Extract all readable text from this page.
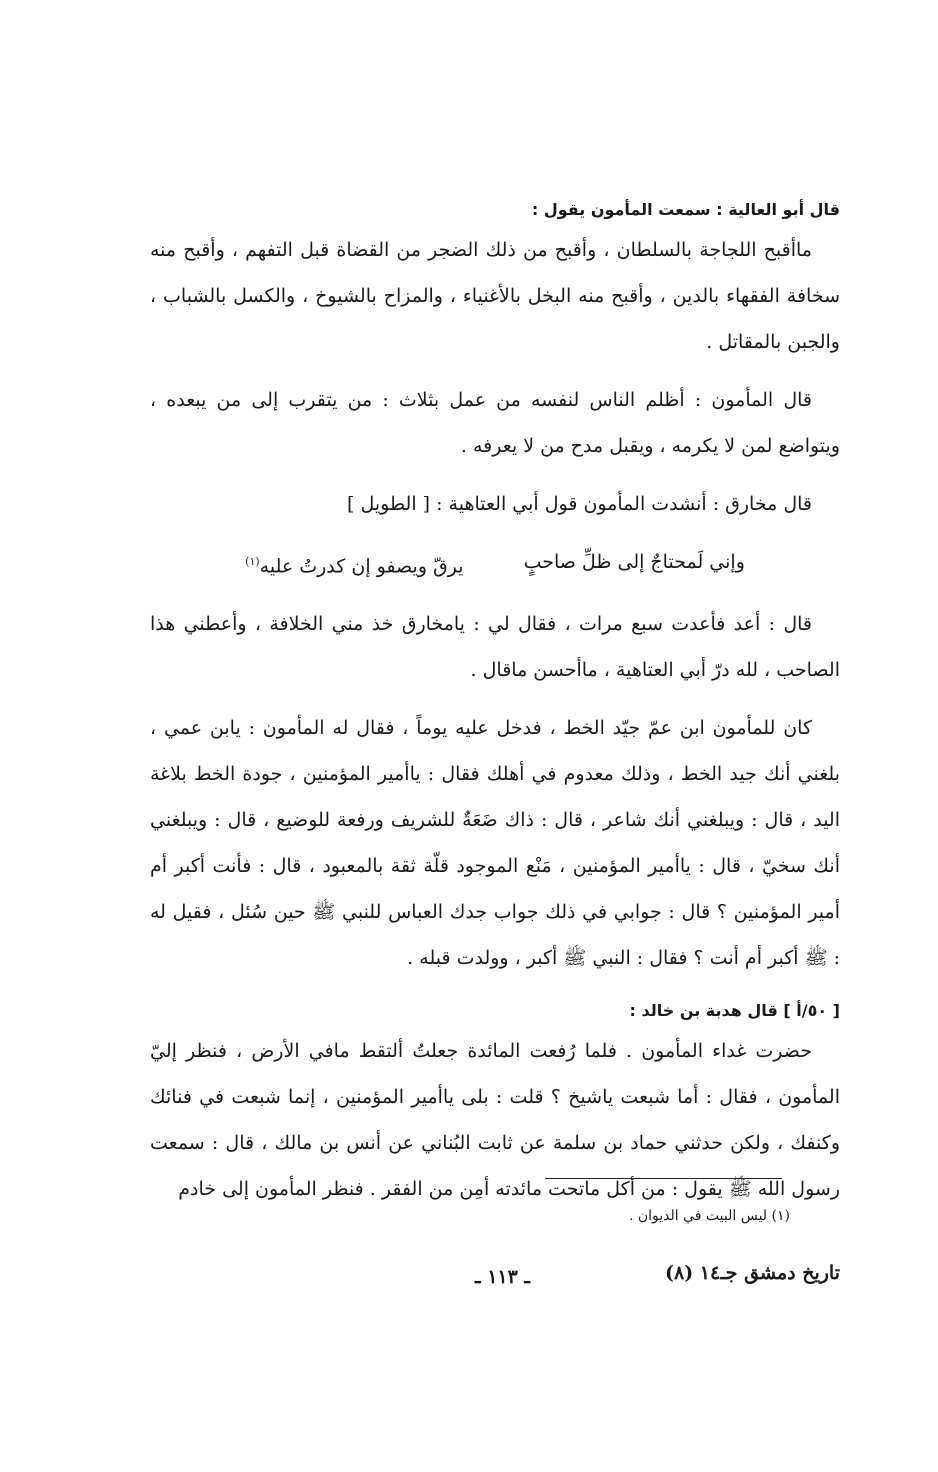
قال أبو العالية : سمعت المأمون يقول :

ماأقبح اللجاجة بالسلطان ، وأقبح من ذلك الضجر من القضاة قبل التفهم ، وأقبح منه سخافة الفقهاء بالدين ، وأقبح منه البخل بالأغنياء ، والمزاح بالشيوخ ، والكسل بالشباب ، والجبن بالمقاتل .

قال المأمون : أظلم الناس لنفسه من عمل بثلاث : من يتقرب إلى من يبعده ، ويتواضع لمن لا يكرمه ، ويقبل مدح من لا يعرفه .

قال مخارق : أنشدت المأمون قول أبي العتاهية : [ الطويل ]

وإني لَمحتاجٌ إلى ظلِّ صاحبٍ
يرقّ ويصفو إن كدرتُ عليه$^{(١)}$

قال : أعد فأعدت سبع مرات ، فقال لي : يامخارق خذ مني الخلافة ، وأعطني هذا الصاحب ، لله درّ أبي العتاهية ، ماأحسن ماقال .

كان للمأمون ابن عمّ جيّد الخط ، فدخل عليه يوماً ، فقال له المأمون : يابن عمي ، بلغني أنك جيد الخط ، وذلك معدوم في أهلك فقال : ياأمير المؤمنين ، جودة الخط بلاغة اليد ، قال : ويبلغني أنك شاعر ، قال : ذاك ضَعَةٌ للشريف ورفعة للوضيع ، قال : ويبلغني أنك سخيّ ، قال : ياأمير المؤمنين ، مَنْع الموجود قلّة ثقة بالمعبود ، قال : فأنت أكبر أم أمير المؤمنين ؟ قال : جوابي في ذلك جواب جدك العباس للنبي ﷺ حين سُئل ، فقيل له : ﷺ أكبر أم أنت ؟ فقال : النبي ﷺ أكبر ، وولدت قبله .

[ ٥٠/أ ] قال هدبة بن خالد :

حضرت غداء المأمون . فلما رُفعت المائدة جعلتُ ألتقط مافي الأرض ، فنظر إليّ المأمون ، فقال : أما شبعت ياشيخ ؟ قلت : بلى ياأمير المؤمنين ، إنما شبعت في فنائك وكنفك ، ولكن حدثني حماد بن سلمة عن ثابت البُناني عن أنس بن مالك ، قال : سمعت رسول الله ﷺ يقول : من أكل ماتحت مائدته أمِن من الفقر . فنظر المأمون إلى خادم

(١) ليس البيت في الديوان .
تاريخ دمشق جـ١٤ (٨)
ـ ١١٣ ـ
